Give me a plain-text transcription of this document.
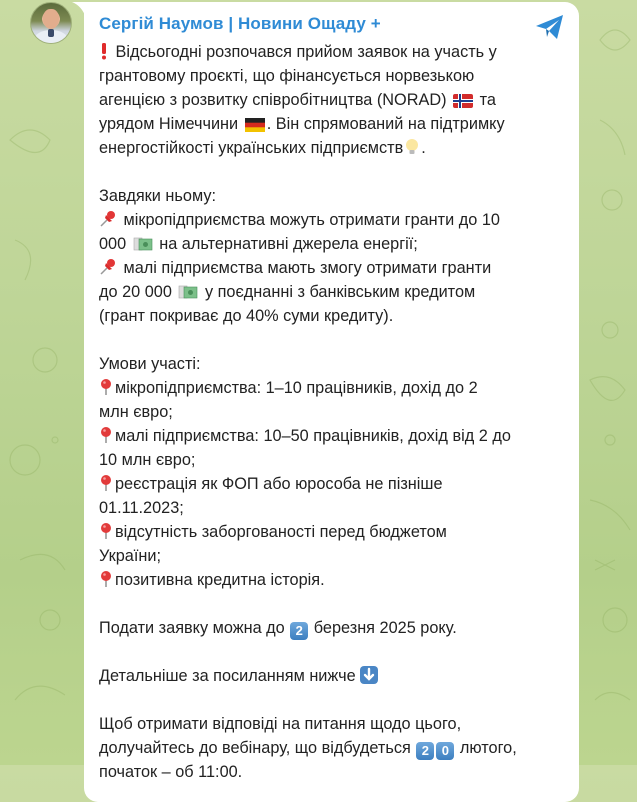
Сергій Наумов | Новини Ощаду +

Відсьогодні розпочався прийом заявок на участь у
грантовому проєкті, що фінансується норвезькою
агенцією з розвитку співробітництва (NORAD) та
урядом Німеччини . Він спрямований на підтримку
енергостійкості українських підприємств .

Завдяки ньому:
мікропідприємства можуть отримати гранти до 10
000 на альтернативні джерела енергії;
малі підприємства мають змогу отримати гранти
до 20 000 у поєднанні з банківським кредитом
(грант покриває до 40% суми кредиту).

Умови участі:
мікропідприємства: 1–10 працівників, дохід до 2
млн євро;
малі підприємства: 10–50 працівників, дохід від 2 до
10 млн євро;
реєстрація як ФОП або юрособа не пізніше
01.11.2023;
відсутність заборгованості перед бюджетом
України;
позитивна кредитна історія.

Подати заявку можна до 2 березня 2025 року.

Детальніше за посиланням нижче

Щоб отримати відповіді на питання щодо цього,
долучайтесь до вебінару, що відбудеться 2 0 лютого,
початок – об 11:00.
